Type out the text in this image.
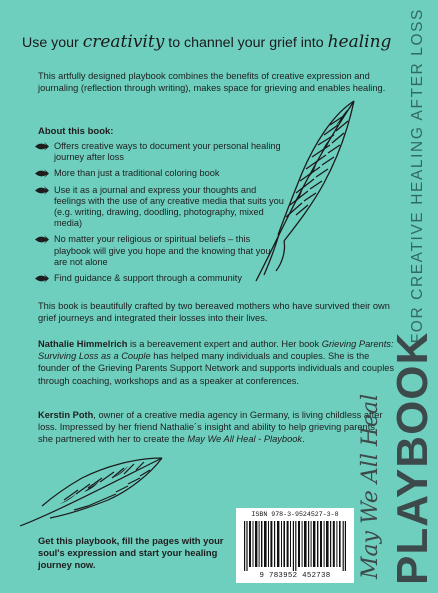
Use your creativity to channel your grief into healing

This artfully designed playbook combines the benefits of creative expression and journaling (reflection through writing), makes space for grieving and enables healing.

About this book:
Offers creative ways to document your personal healing journey after loss
More than just a traditional coloring book
Use it as a journal and express your thoughts and feelings with the use of any creative media that suits you (e.g. writing, drawing, doodling, photography, mixed media)
No matter your religious or spiritual beliefs – this playbook will give you hope and the knowing that you are not alone
Find guidance & support through a community

This book is beautifully crafted by two bereaved mothers who have survived their own grief journeys and integrated their losses into their lives.

Nathalie Himmelrich is a bereavement expert and author. Her book Grieving Parents: Surviving Loss as a Couple has helped many individuals and couples. She is the founder of the Grieving Parents Support Network and supports individuals and couples through coaching, workshops and as a speaker at conferences.

Kerstin Poth, owner of a creative media agency in Germany, is living childless after loss. Impressed by her friend Nathalie´s insight and ability to help grieving parents, she partnered with her to create the May We All Heal - Playbook.

Get this playbook, fill the pages with your soul's expression and start your healing journey now.

ISBN 978-3-9524527-3-8
9 783952 452738
FOR CREATIVE HEALING AFTER LOSS
PLAYBOOK
May We All Heal
